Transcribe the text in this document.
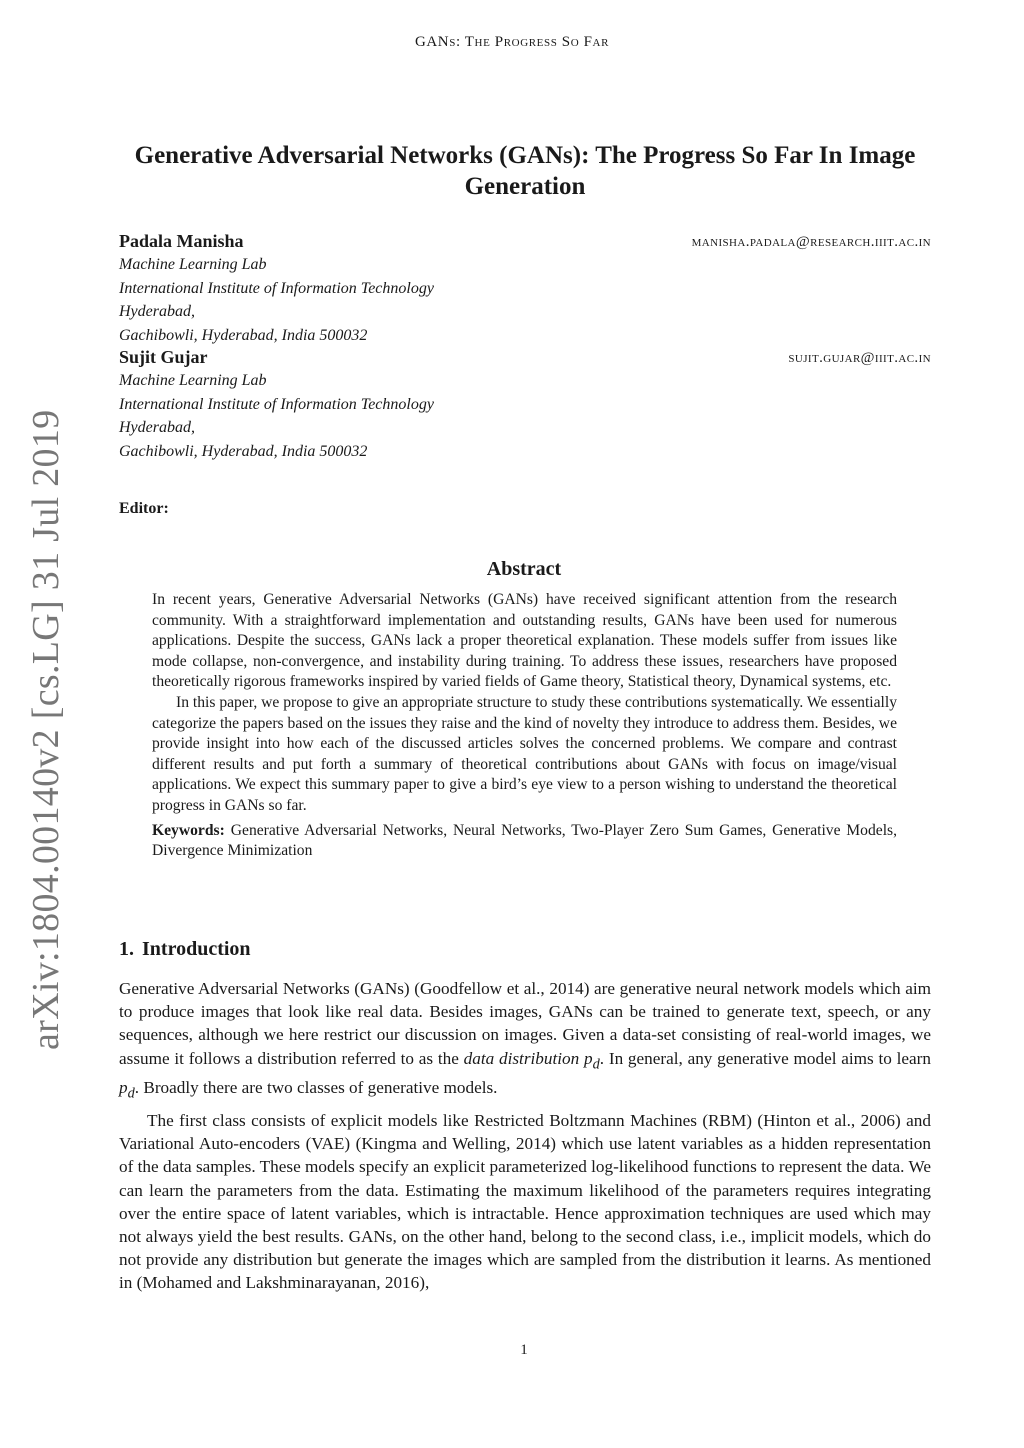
GANs: The Progress So Far
arXiv:1804.00140v2 [cs.LG] 31 Jul 2019
Generative Adversarial Networks (GANs): The Progress So Far In Image Generation
Padala Manisha	manisha.padala@research.iiit.ac.in
Machine Learning Lab
International Institute of Information Technology
Hyderabad,
Gachibowli, Hyderabad, India 500032
Sujit Gujar	sujit.gujar@iiit.ac.in
Machine Learning Lab
International Institute of Information Technology
Hyderabad,
Gachibowli, Hyderabad, India 500032
Editor:
Abstract

In recent years, Generative Adversarial Networks (GANs) have received significant attention from the research community. With a straightforward implementation and outstanding results, GANs have been used for numerous applications. Despite the success, GANs lack a proper theoretical explanation. These models suffer from issues like mode collapse, non-convergence, and instability during training. To address these issues, researchers have proposed theoretically rigorous frameworks inspired by varied fields of Game theory, Statistical theory, Dynamical systems, etc.

In this paper, we propose to give an appropriate structure to study these contributions systematically. We essentially categorize the papers based on the issues they raise and the kind of novelty they introduce to address them. Besides, we provide insight into how each of the discussed articles solves the concerned problems. We compare and contrast different results and put forth a summary of theoretical contributions about GANs with focus on image/visual applications. We expect this summary paper to give a bird’s eye view to a person wishing to understand the theoretical progress in GANs so far.

Keywords: Generative Adversarial Networks, Neural Networks, Two-Player Zero Sum Games, Generative Models, Divergence Minimization

1. Introduction

Generative Adversarial Networks (GANs) (Goodfellow et al., 2014) are generative neural network models which aim to produce images that look like real data. Besides images, GANs can be trained to generate text, speech, or any sequences, although we here restrict our discussion on images. Given a data-set consisting of real-world images, we assume it follows a distribution referred to as the data distribution $p_d$. In general, any generative model aims to learn $p_d$. Broadly there are two classes of generative models.

The first class consists of explicit models like Restricted Boltzmann Machines (RBM) (Hinton et al., 2006) and Variational Auto-encoders (VAE) (Kingma and Welling, 2014) which use latent variables as a hidden representation of the data samples. These models specify an explicit parameterized log-likelihood functions to represent the data. We can learn the parameters from the data. Estimating the maximum likelihood of the parameters requires integrating over the entire space of latent variables, which is intractable. Hence approximation techniques are used which may not always yield the best results. GANs, on the other hand, belong to the second class, i.e., implicit models, which do not provide any distribution but generate the images which are sampled from the distribution it learns. As mentioned in (Mohamed and Lakshminarayanan, 2016),

1
